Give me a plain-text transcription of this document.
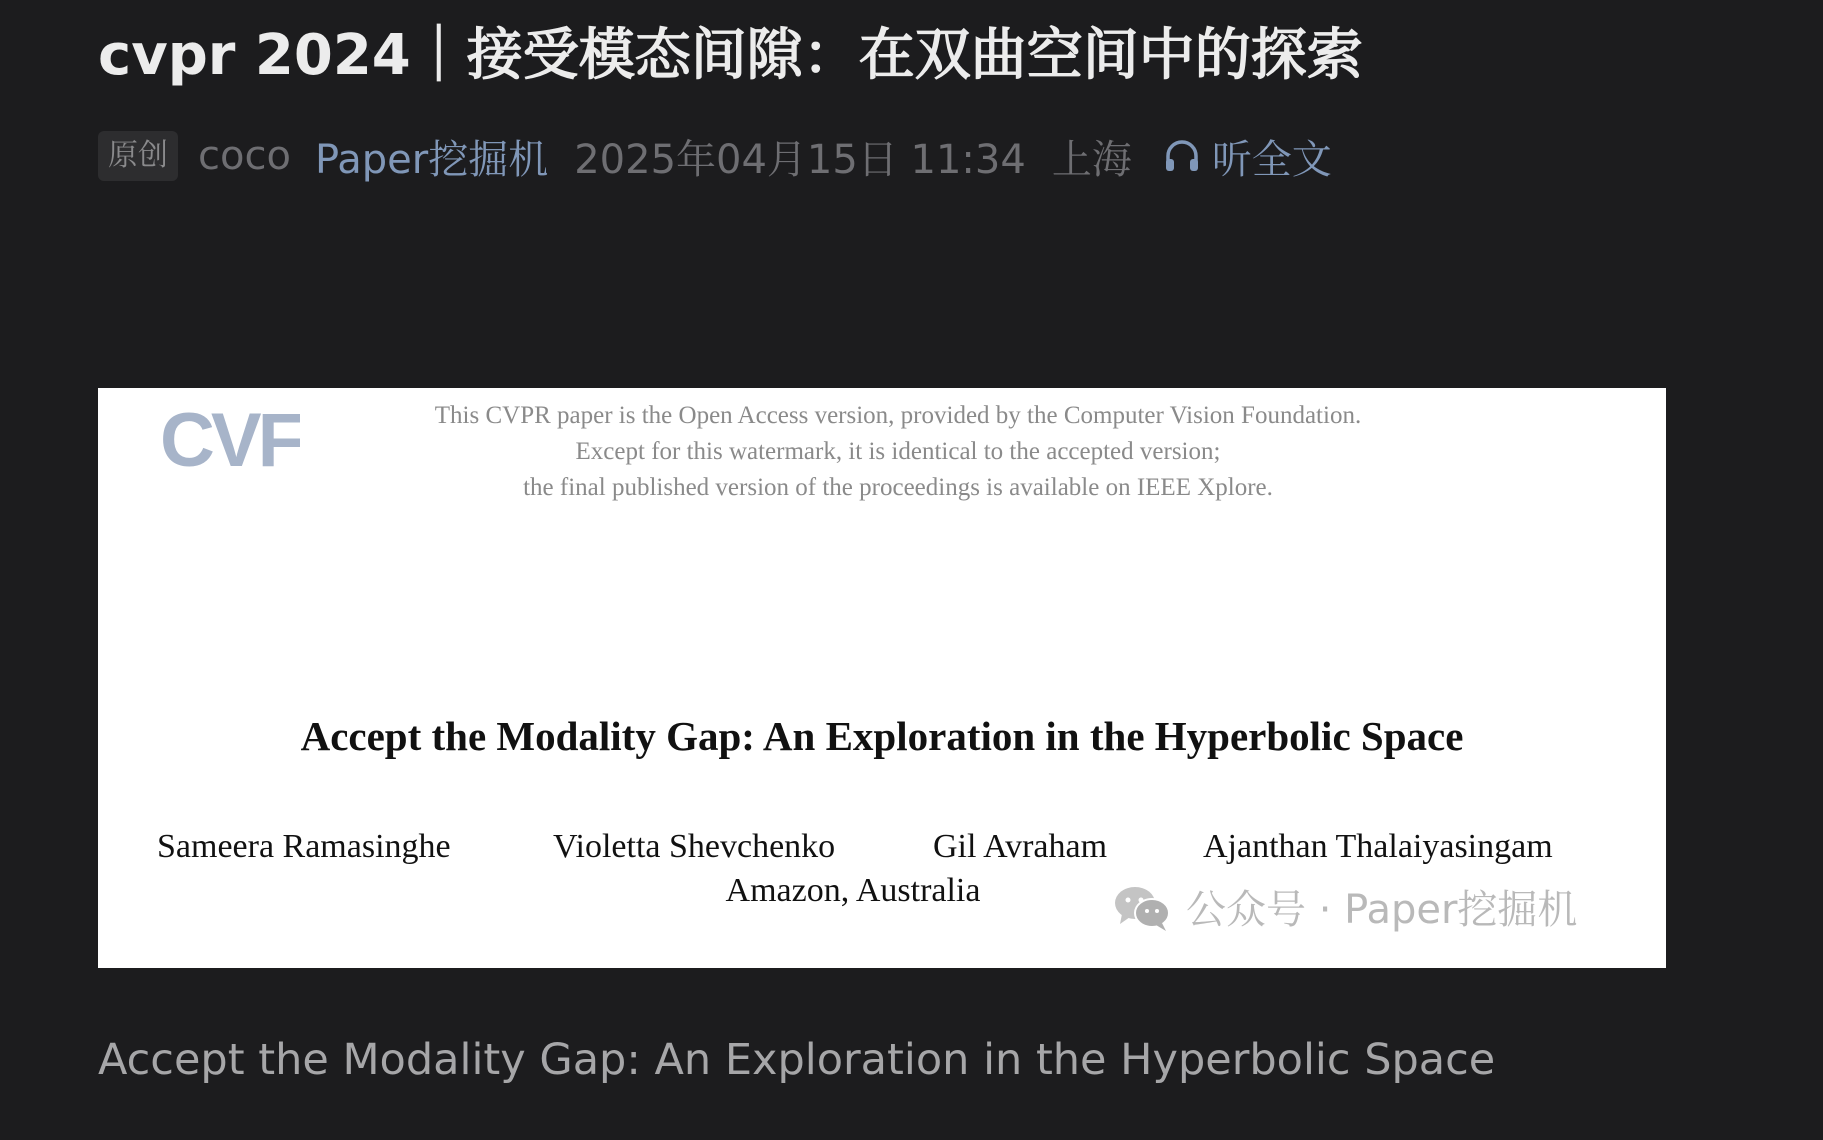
cvpr 2024｜接受模态间隙：在双曲空间中的探索
原创 coco Paper挖掘机 2025年04月15日 11:34 上海 听全文
CVF	This CVPR paper is the Open Access version, provided by the Computer Vision Foundation.
Except for this watermark, it is identical to the accepted version;
the final published version of the proceedings is available on IEEE Xplore.
Accept the Modality Gap: An Exploration in the Hyperbolic Space
Sameera Ramasinghe	Violetta Shevchenko	Gil Avraham	Ajanthan Thalaiyasingam
Amazon, Australia	公众号 · Paper挖掘机

Accept the Modality Gap: An Exploration in the Hyperbolic Space
